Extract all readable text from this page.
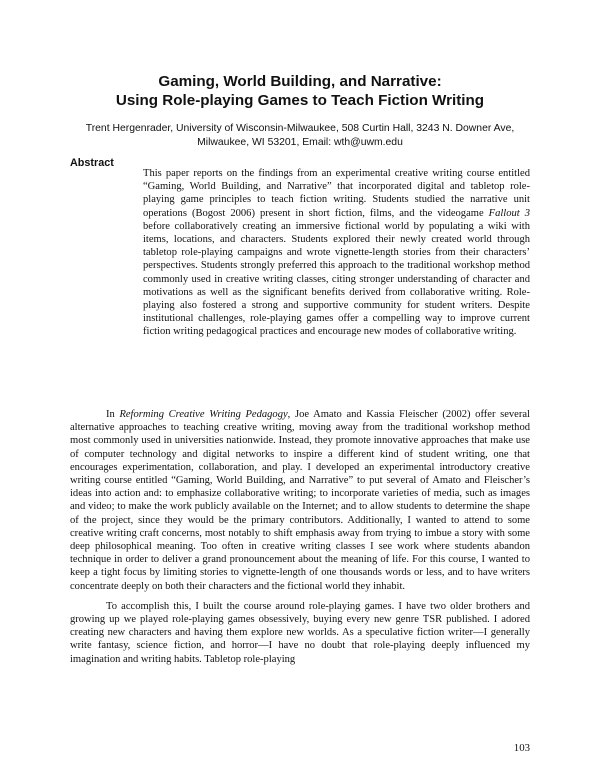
Gaming, World Building, and Narrative:
Using Role-playing Games to Teach Fiction Writing

Trent Hergenrader, University of Wisconsin-Milwaukee, 508 Curtin Hall, 3243 N. Downer Ave,
Milwaukee, WI 53201, Email: wth@uwm.edu

Abstract

This paper reports on the findings from an experimental creative writing course entitled “Gaming, World Building, and Narrative” that incorporated digital and tabletop role-playing game principles to teach fiction writing. Students studied the narrative unit operations (Bogost 2006) present in short fiction, films, and the videogame Fallout 3 before collaboratively creating an immersive fictional world by populating a wiki with items, locations, and characters. Students explored their newly created world through tabletop role-playing campaigns and wrote vignette-length stories from their characters’ perspectives. Students strongly preferred this approach to the traditional workshop method commonly used in creative writing classes, citing stronger understanding of character and motivations as well as the significant benefits derived from collaborative writing. Role-playing also fostered a strong and supportive community for student writers. Despite institutional challenges, role-playing games offer a compelling way to improve current fiction writing pedagogical practices and encourage new modes of collaborative writing.

In Reforming Creative Writing Pedagogy, Joe Amato and Kassia Fleischer (2002) offer several alternative approaches to teaching creative writing, moving away from the traditional workshop method most commonly used in universities nationwide. Instead, they promote innovative approaches that make use of computer technology and digital networks to inspire a different kind of student writing, one that encourages experimentation, collaboration, and play. I developed an experimental introductory creative writing course entitled “Gaming, World Building, and Narrative” to put several of Amato and Fleischer’s ideas into action and: to emphasize collaborative writing; to incorporate varieties of media, such as images and video; to make the work publicly available on the Internet; and to allow students to determine the shape of the project, since they would be the primary contributors. Additionally, I wanted to attend to some creative writing craft concerns, most notably to shift emphasis away from trying to imbue a story with some deep philosophical meaning. Too often in creative writing classes I see work where students abandon technique in order to deliver a grand pronouncement about the meaning of life. For this course, I wanted to keep a tight focus by limiting stories to vignette-length of one thousands words or less, and to have writers concentrate deeply on both their characters and the fictional world they inhabit.

To accomplish this, I built the course around role-playing games. I have two older brothers and growing up we played role-playing games obsessively, buying every new genre TSR published. I adored creating new characters and having them explore new worlds. As a speculative fiction writer—I generally write fantasy, science fiction, and horror—I have no doubt that role-playing deeply influenced my imagination and writing habits. Tabletop role-playing

103
